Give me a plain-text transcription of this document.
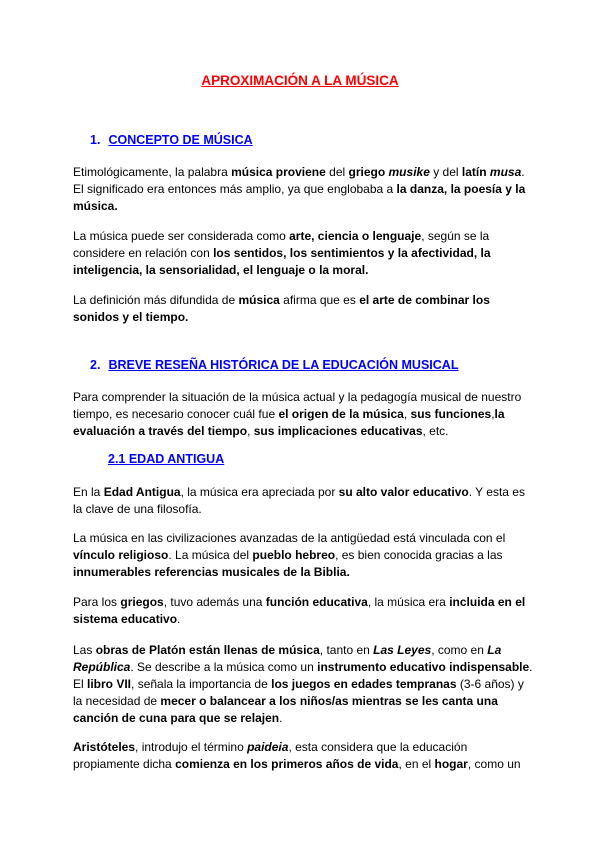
APROXIMACIÓN A LA MÚSICA
1. CONCEPTO DE MÚSICA

Etimológicamente, la palabra música proviene del griego musike y del latín musa. El significado era entonces más amplio, ya que englobaba a la danza, la poesía y la música.

La música puede ser considerada como arte, ciencia o lenguaje, según se la considere en relación con los sentidos, los sentimientos y la afectividad, la inteligencia, la sensorialidad, el lenguaje o la moral.

La definición más difundida de música afirma que es el arte de combinar los sonidos y el tiempo.

2. BREVE RESEÑA HISTÓRICA DE LA EDUCACIÓN MUSICAL

Para comprender la situación de la música actual y la pedagogía musical de nuestro tiempo, es necesario conocer cuál fue el origen de la música, sus funciones,la evaluación a través del tiempo, sus implicaciones educativas, etc.

2.1 EDAD ANTIGUA

En la Edad Antigua, la música era apreciada por su alto valor educativo. Y esta es la clave de una filosofía.

La música en las civilizaciones avanzadas de la antigüedad está vinculada con el vínculo religioso. La música del pueblo hebreo, es bien conocida gracias a las innumerables referencias musicales de la Biblia.

Para los griegos, tuvo además una función educativa, la música era incluida en el sistema educativo.

Las obras de Platón están llenas de música, tanto en Las Leyes, como en La República. Se describe a la música como un instrumento educativo indispensable. El libro VII, señala la importancia de los juegos en edades tempranas (3-6 años) y la necesidad de mecer o balancear a los niños/as mientras se les canta una canción de cuna para que se relajen.

Aristóteles, introdujo el término paideia, esta considera que la educación propiamente dicha comienza en los primeros años de vida, en el hogar, como un
